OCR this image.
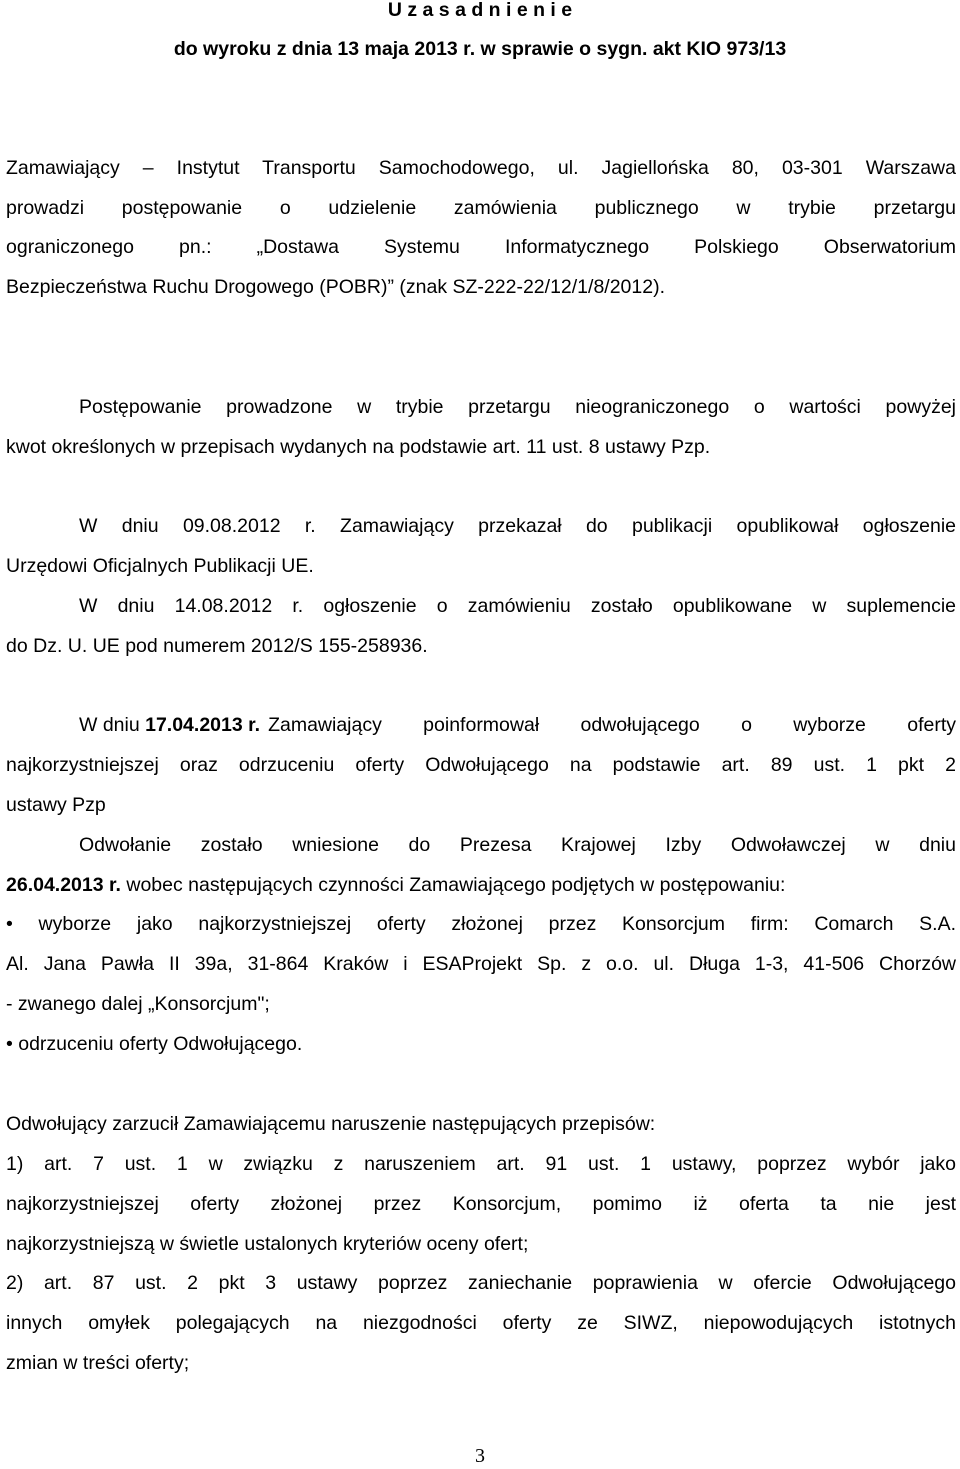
U z a s a d n i e n i e
do wyroku z dnia 13 maja 2013 r. w sprawie o sygn. akt KIO 973/13
Zamawiający – Instytut Transportu Samochodowego, ul. Jagiellońska 80, 03-301 Warszawa
prowadzi postępowanie o udzielenie zamówienia publicznego w trybie przetargu
ograniczonego pn.: „Dostawa Systemu Informatycznego Polskiego Obserwatorium
Bezpieczeństwa Ruchu Drogowego (POBR)” (znak SZ-222-22/12/1/8/2012).
Postępowanie prowadzone w trybie przetargu nieograniczonego o wartości powyżej
kwot określonych w przepisach wydanych na podstawie art. 11 ust. 8 ustawy Pzp.
W dniu 09.08.2012 r. Zamawiający przekazał do publikacji opublikował ogłoszenie
Urzędowi Oficjalnych Publikacji UE.
W dniu 14.08.2012 r. ogłoszenie o zamówieniu zostało opublikowane w suplemencie
do Dz. U. UE pod numerem 2012/S 155-258936.
W dniu 17.04.2013 r. Zamawiający poinformował odwołującego o wyborze oferty
najkorzystniejszej oraz odrzuceniu oferty Odwołującego na podstawie art. 89 ust. 1 pkt 2
ustawy Pzp
Odwołanie zostało wniesione do Prezesa Krajowej Izby Odwoławczej w dniu
26.04.2013 r. wobec następujących czynności Zamawiającego podjętych w postępowaniu:
• wyborze jako najkorzystniejszej oferty złożonej przez Konsorcjum firm: Comarch S.A.
Al. Jana Pawła II 39a, 31-864 Kraków i ESAProjekt Sp. z o.o. ul. Długa 1-3, 41-506 Chorzów
- zwanego dalej „Konsorcjum";
• odrzuceniu oferty Odwołującego.
Odwołujący zarzucił Zamawiającemu naruszenie następujących przepisów:
1) art. 7 ust. 1 w związku z naruszeniem art. 91 ust. 1 ustawy, poprzez wybór jako
najkorzystniejszej oferty złożonej przez Konsorcjum, pomimo iż oferta ta nie jest
najkorzystniejszą w świetle ustalonych kryteriów oceny ofert;
2) art. 87 ust. 2 pkt 3 ustawy poprzez zaniechanie poprawienia w ofercie Odwołującego
innych omyłek polegających na niezgodności oferty ze SIWZ, niepowodujących istotnych
zmian w treści oferty;
3
